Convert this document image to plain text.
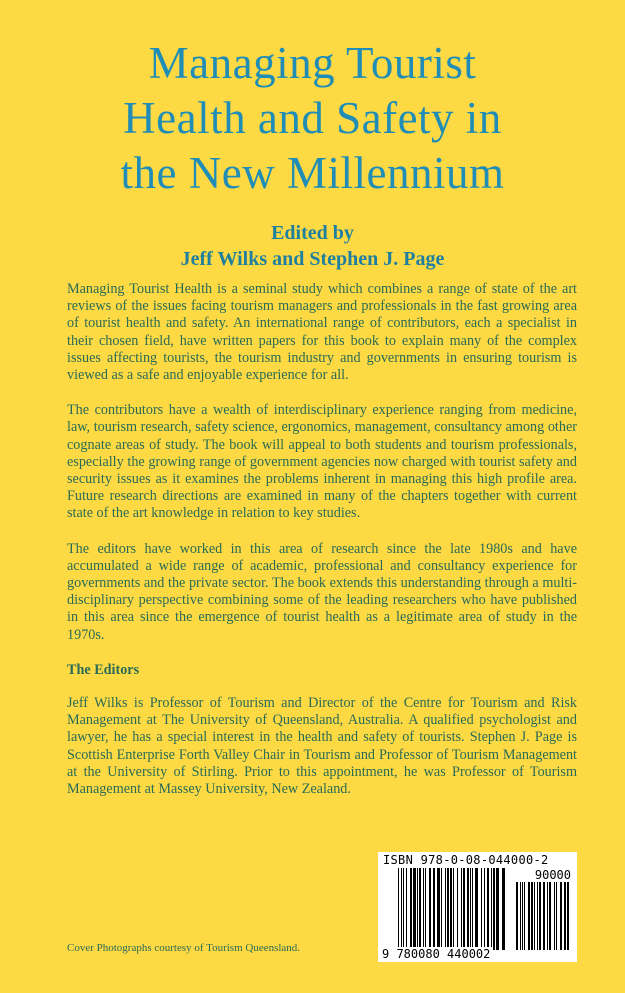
Managing Tourist
Health and Safety in
the New Millennium
Edited by
Jeff Wilks and Stephen J. Page

Managing Tourist Health is a seminal study which combines a range of state of the art reviews of the issues facing tourism managers and professionals in the fast growing area of tourist health and safety. An international range of contributors, each a specialist in their chosen field, have written papers for this book to explain many of the complex issues affecting tourists, the tourism industry and governments in ensuring tourism is viewed as a safe and enjoyable experience for all.

The contributors have a wealth of interdisciplinary experience ranging from medicine, law, tourism research, safety science, ergonomics, management, consultancy among other cognate areas of study. The book will appeal to both students and tourism professionals, especially the growing range of government agencies now charged with tourist safety and security issues as it examines the problems inherent in managing this high profile area. Future research directions are examined in many of the chapters together with current state of the art knowledge in relation to key studies.

The editors have worked in this area of research since the late 1980s and have accumulated a wide range of academic, professional and consultancy experience for governments and the private sector. The book extends this understanding through a multi-disciplinary perspective combining some of the leading researchers who have published in this area since the emergence of tourist health as a legitimate area of study in the 1970s.

The Editors

Jeff Wilks is Professor of Tourism and Director of the Centre for Tourism and Risk Management at The University of Queensland, Australia. A qualified psychologist and lawyer, he has a special interest in the health and safety of tourists. Stephen J. Page is Scottish Enterprise Forth Valley Chair in Tourism and Professor of Tourism Management at the University of Stirling. Prior to this appointment, he was Professor of Tourism Management at Massey University, New Zealand.

ISBN 978-0-08-044000-2
90000
9 780080 440002
Cover Photographs courtesy of Tourism Queensland.
